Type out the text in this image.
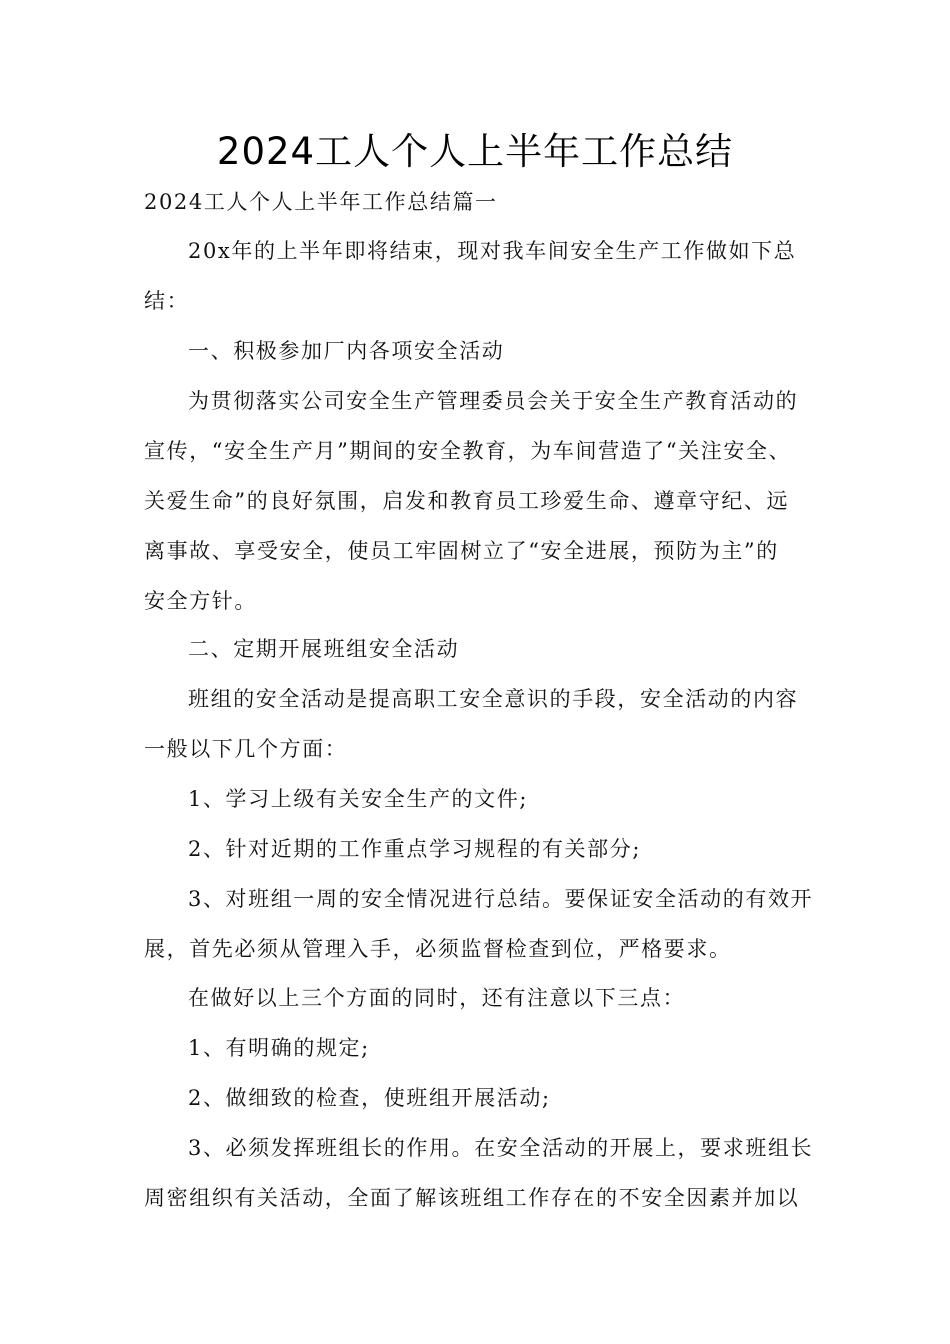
2024工人个人上半年工作总结
2024工人个人上半年工作总结篇一
20x年的上半年即将结束，现对我车间安全生产工作做如下总
结：
一、积极参加厂内各项安全活动
为贯彻落实公司安全生产管理委员会关于安全生产教育活动的
宣传，“安全生产月”期间的安全教育，为车间营造了“关注安全、
关爱生命”的良好氛围，启发和教育员工珍爱生命、遵章守纪、远
离事故、享受安全，使员工牢固树立了“安全进展，预防为主”的
安全方针。
二、定期开展班组安全活动
班组的安全活动是提高职工安全意识的手段，安全活动的内容
一般以下几个方面：
1、学习上级有关安全生产的文件;
2、针对近期的工作重点学习规程的有关部分;
3、对班组一周的安全情况进行总结。要保证安全活动的有效开
展，首先必须从管理入手，必须监督检查到位，严格要求。
在做好以上三个方面的同时，还有注意以下三点：
1、有明确的规定;
2、做细致的检查，使班组开展活动;
3、必须发挥班组长的作用。在安全活动的开展上，要求班组长
周密组织有关活动，全面了解该班组工作存在的不安全因素并加以
